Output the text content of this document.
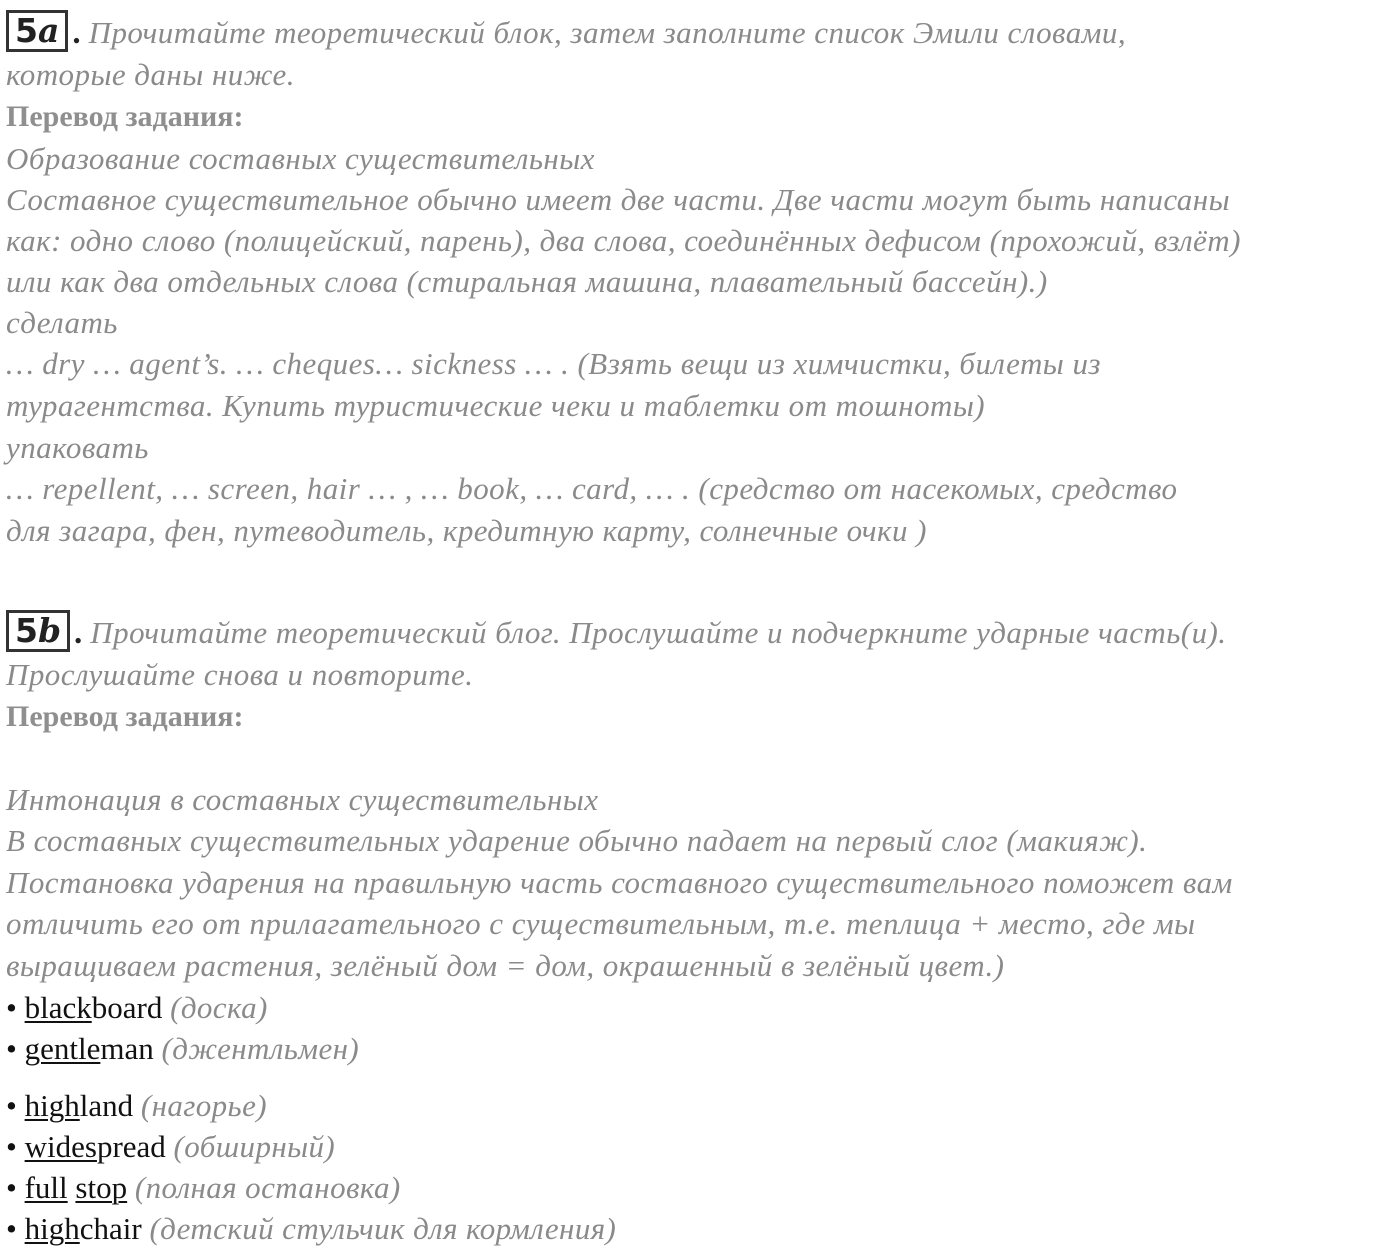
5a . Прочитайте теоретический блок, затем заполните список Эмили словами,
которые даны ниже.
Перевод задания:
Образование составных существительных
Составное существительное обычно имеет две части. Две части могут быть написаны
как: одно слово (полицейский, парень), два слова, соединённых дефисом (прохожий, взлёт)
или как два отдельных слова (стиральная машина, плавательный бассейн).)
сделать
… dry … agent’s. … cheques… sickness … . (Взять вещи из химчистки, билеты из
турагентства. Купить туристические чеки и таблетки от тошноты)
упаковать
… repellent, … screen, hair … , … book, … card, … . (средство от насекомых, средство
для загара, фен, путеводитель, кредитную карту, солнечные очки )
5b . Прочитайте теоретический блог. Прослушайте и подчеркните ударные часть(и).
Прослушайте снова и повторите.
Перевод задания:
Интонация в составных существительных
В составных существительных ударение обычно падает на первый слог (макияж).
Постановка ударения на правильную часть составного существительного поможет вам
отличить его от прилагательного с существительным, т.е. теплица + место, где мы
выращиваем растения, зелёный дом = дом, окрашенный в зелёный цвет.)
• blackboard (доска)
• gentleman (джентльмен)
• highland (нагорье)
• widespread (обширный)
• full stop (полная остановка)
• highchair (детский стульчик для кормления)
